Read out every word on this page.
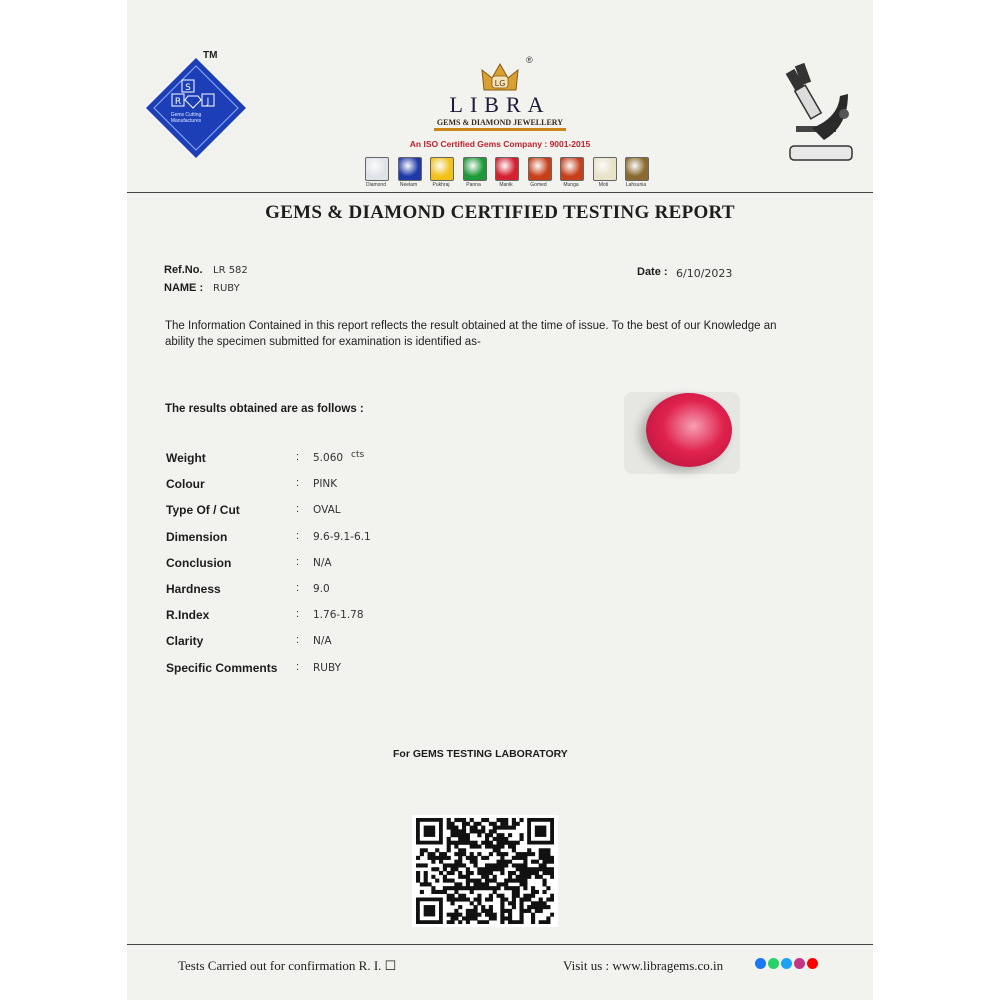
S
R	J
Gems Cutting Manufactures
TM
LG
®
LIBRA
GEMS & DIAMOND JEWELLERY
An ISO Certified Gems Company : 9001-2015
Diamond	Neelam	Pukhraj	Panna	Manik	Gomed	Munga	Moti	Lahsunia
GEMS & DIAMOND CERTIFIED TESTING REPORT
Ref.No. LR 582
NAME : RUBY
Date : 6/10/2023
The Information Contained in this report reflects the result obtained at the time of issue. To the best of our Knowledge an ability the specimen submitted for examination is identified as-
The results obtained are as follows :
Weight	: 5.060 cts
Colour	: PINK
Type Of / Cut	: OVAL
Dimension	: 9.6-9.1-6.1
Conclusion	: N/A
Hardness	: 9.0
R.Index	: 1.76-1.78
Clarity	: N/A
Specific Comments : RUBY
For GEMS TESTING LABORATORY
Tests Carried out for confirmation R. I. ☐	Visit us : www.libragems.co.in
